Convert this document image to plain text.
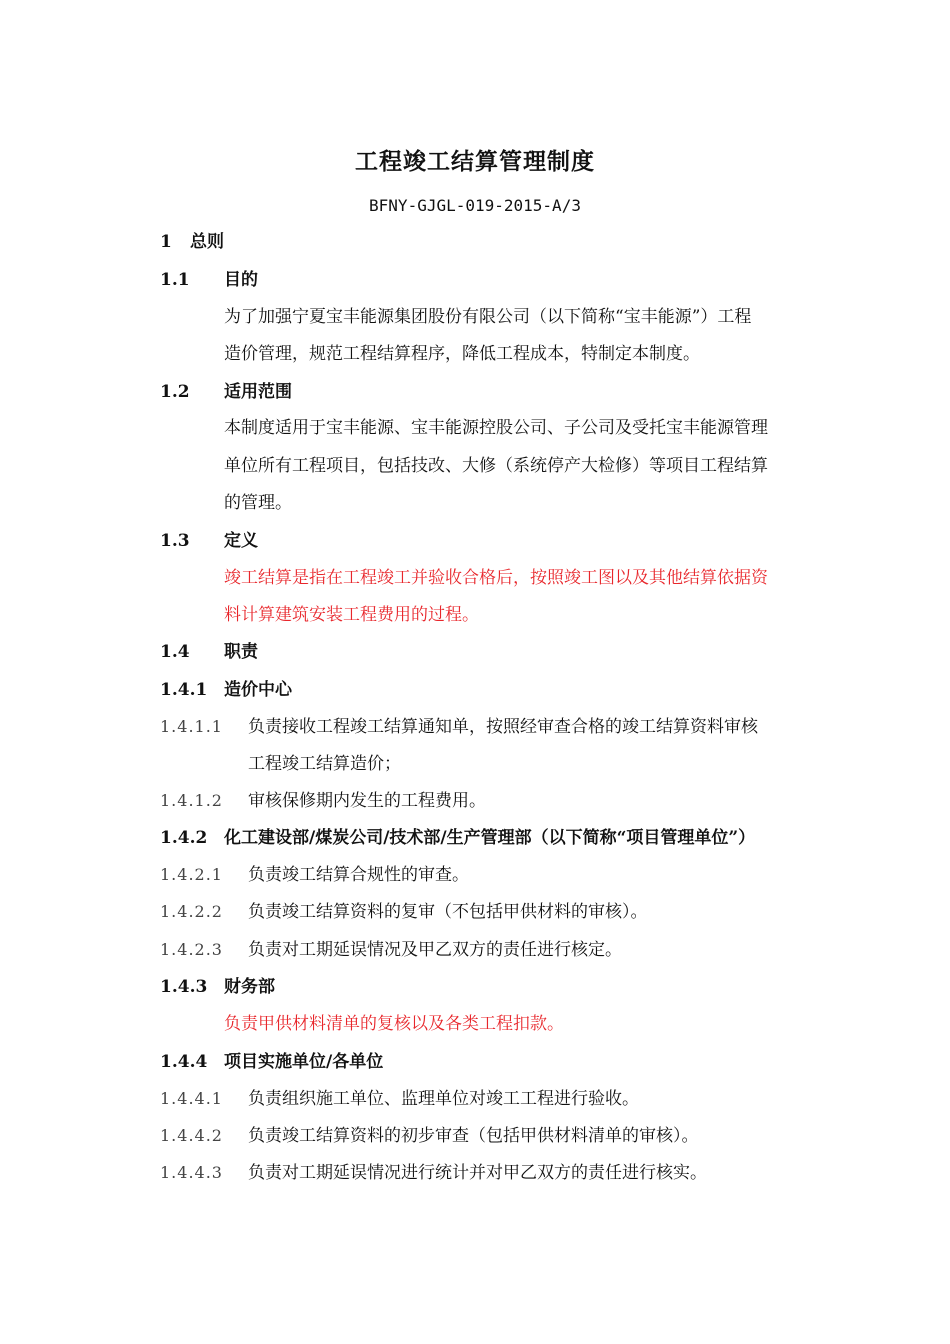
工程竣工结算管理制度
BFNY-GJGL-019-2015-A/3
1 总则
1.1 目的
为了加强宁夏宝丰能源集团股份有限公司（以下简称“宝丰能源”）工程
造价管理，规范工程结算程序，降低工程成本，特制定本制度。
1.2 适用范围
本制度适用于宝丰能源、宝丰能源控股公司、子公司及受托宝丰能源管理
单位所有工程项目，包括技改、大修（系统停产大检修）等项目工程结算
的管理。
1.3 定义
竣工结算是指在工程竣工并验收合格后，按照竣工图以及其他结算依据资
料计算建筑安装工程费用的过程。
1.4 职责
1.4.1 造价中心
1.4.1.1 负责接收工程竣工结算通知单，按照经审查合格的竣工结算资料审核
工程竣工结算造价；
1.4.1.2 审核保修期内发生的工程费用。
1.4.2 化工建设部/煤炭公司/技术部/生产管理部（以下简称“项目管理单位”）
1.4.2.1 负责竣工结算合规性的审查。
1.4.2.2 负责竣工结算资料的复审（不包括甲供材料的审核）。
1.4.2.3 负责对工期延误情况及甲乙双方的责任进行核定。
1.4.3 财务部
负责甲供材料清单的复核以及各类工程扣款。
1.4.4 项目实施单位/各单位
1.4.4.1 负责组织施工单位、监理单位对竣工工程进行验收。
1.4.4.2 负责竣工结算资料的初步审查（包括甲供材料清单的审核）。
1.4.4.3 负责对工期延误情况进行统计并对甲乙双方的责任进行核实。
